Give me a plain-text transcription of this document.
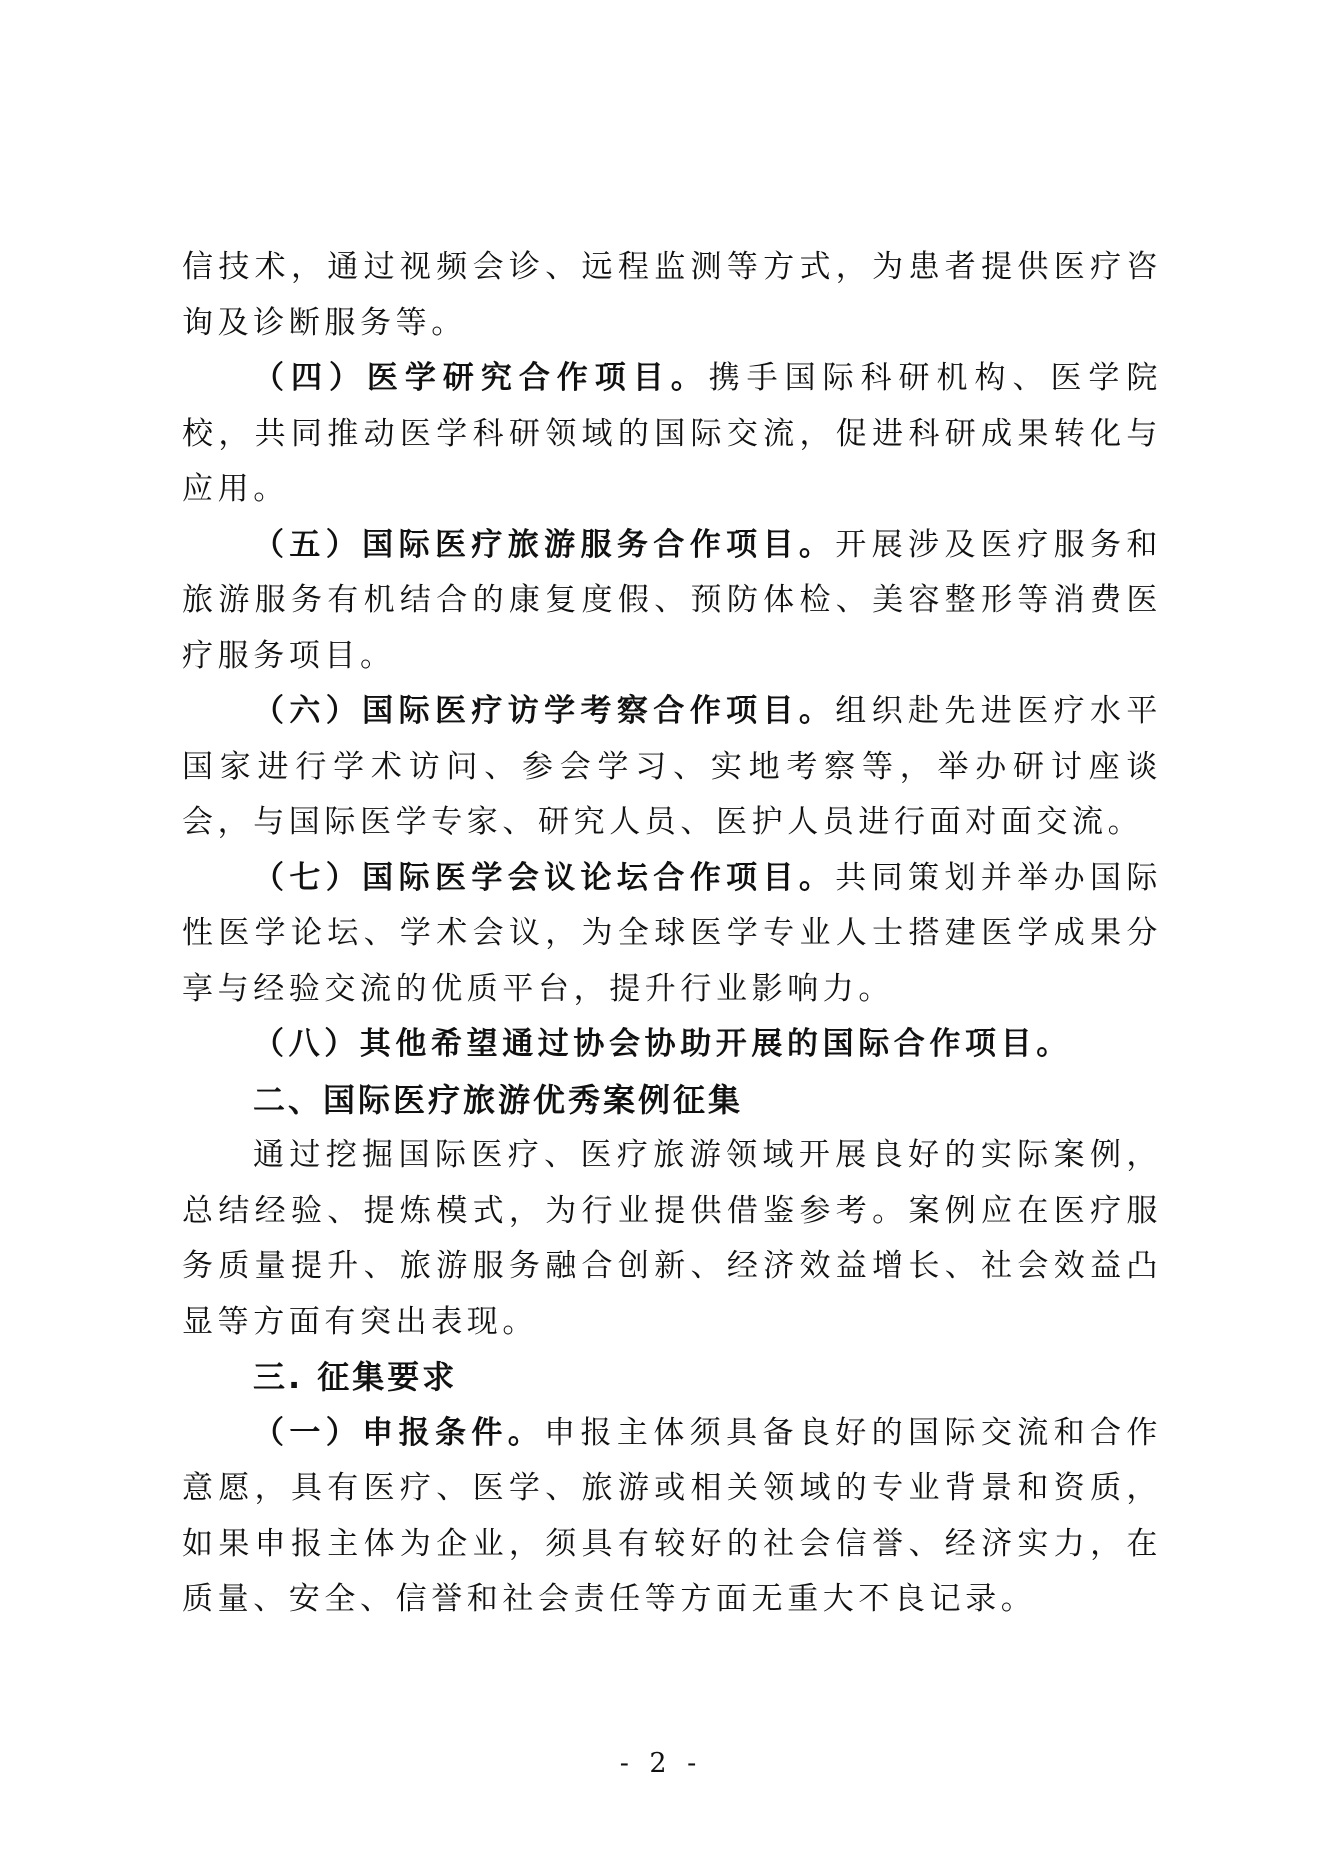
信技术，通过视频会诊、远程监测等方式，为患者提供医疗咨询及诊断服务等。

（四）医学研究合作项目。携手国际科研机构、医学院校，共同推动医学科研领域的国际交流，促进科研成果转化与应用。

（五）国际医疗旅游服务合作项目。开展涉及医疗服务和旅游服务有机结合的康复度假、预防体检、美容整形等消费医疗服务项目。

（六）国际医疗访学考察合作项目。组织赴先进医疗水平国家进行学术访问、参会学习、实地考察等，举办研讨座谈会，与国际医学专家、研究人员、医护人员进行面对面交流。

（七）国际医学会议论坛合作项目。共同策划并举办国际性医学论坛、学术会议，为全球医学专业人士搭建医学成果分享与经验交流的优质平台，提升行业影响力。

（八）其他希望通过协会协助开展的国际合作项目。

二、国际医疗旅游优秀案例征集

通过挖掘国际医疗、医疗旅游领域开展良好的实际案例，总结经验、提炼模式，为行业提供借鉴参考。案例应在医疗服务质量提升、旅游服务融合创新、经济效益增长、社会效益凸显等方面有突出表现。

三. 征集要求

（一）申报条件。申报主体须具备良好的国际交流和合作意愿，具有医疗、医学、旅游或相关领域的专业背景和资质，如果申报主体为企业，须具有较好的社会信誉、经济实力，在质量、安全、信誉和社会责任等方面无重大不良记录。

- 2 -
